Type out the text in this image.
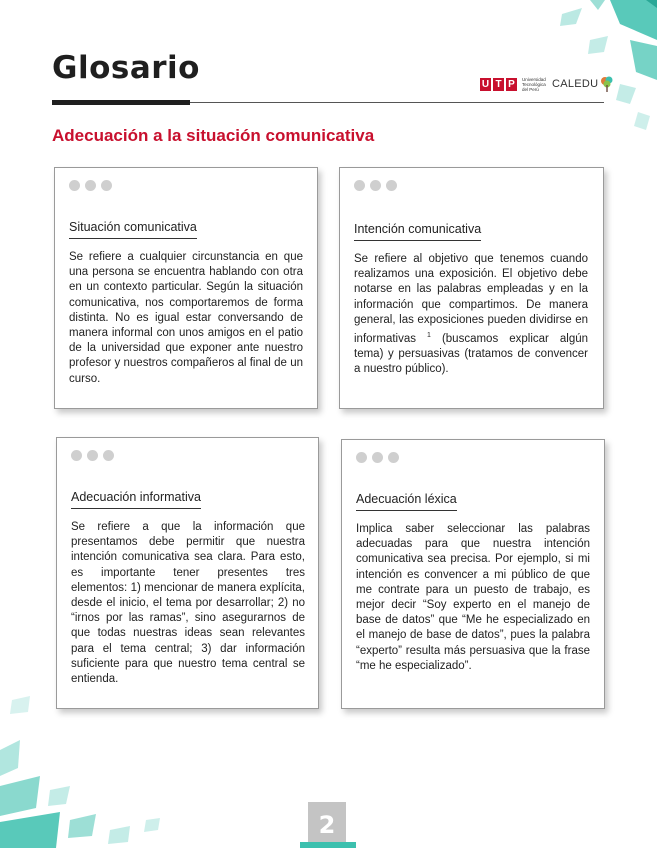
Glosario	U T P	Universidad Tecnológica del Perú	CALEDU
Adecuación a la situación comunicativa
Situación comunicativa

Se refiere a cualquier circunstancia en que una persona se encuentra hablando con otra en un contexto particular. Según la situación comunicativa, nos comportaremos de forma distinta. No es igual estar conversando de manera informal con unos amigos en el patio de la universidad que exponer ante nuestro profesor y nuestros compañeros al final de un curso.

Intención comunicativa

Se refiere al objetivo que tenemos cuando realizamos una exposición. El objetivo debe notarse en las palabras empleadas y en la información que compartimos. De manera general, las exposiciones pueden dividirse en informativas $^1$ (buscamos explicar algún tema) y persuasivas (tratamos de convencer a nuestro público).

Adecuación informativa

Se refiere a que la información que presentamos debe permitir que nuestra intención comunicativa sea clara. Para esto, es importante tener presentes tres elementos: 1) mencionar de manera explícita, desde el inicio, el tema por desarrollar; 2) no “irnos por las ramas”, sino asegurarnos de que todas nuestras ideas sean relevantes para el tema central; 3) dar información suficiente para que nuestro tema central se entienda.

Adecuación léxica

Implica saber seleccionar las palabras adecuadas para que nuestra intención comunicativa sea precisa. Por ejemplo, si mi intención es convencer a mi público de que me contrate para un puesto de trabajo, es mejor decir “Soy experto en el manejo de base de datos” que “Me he especializado en el manejo de base de datos”, pues la palabra “experto” resulta más persuasiva que la frase “me he especializado”.

2
